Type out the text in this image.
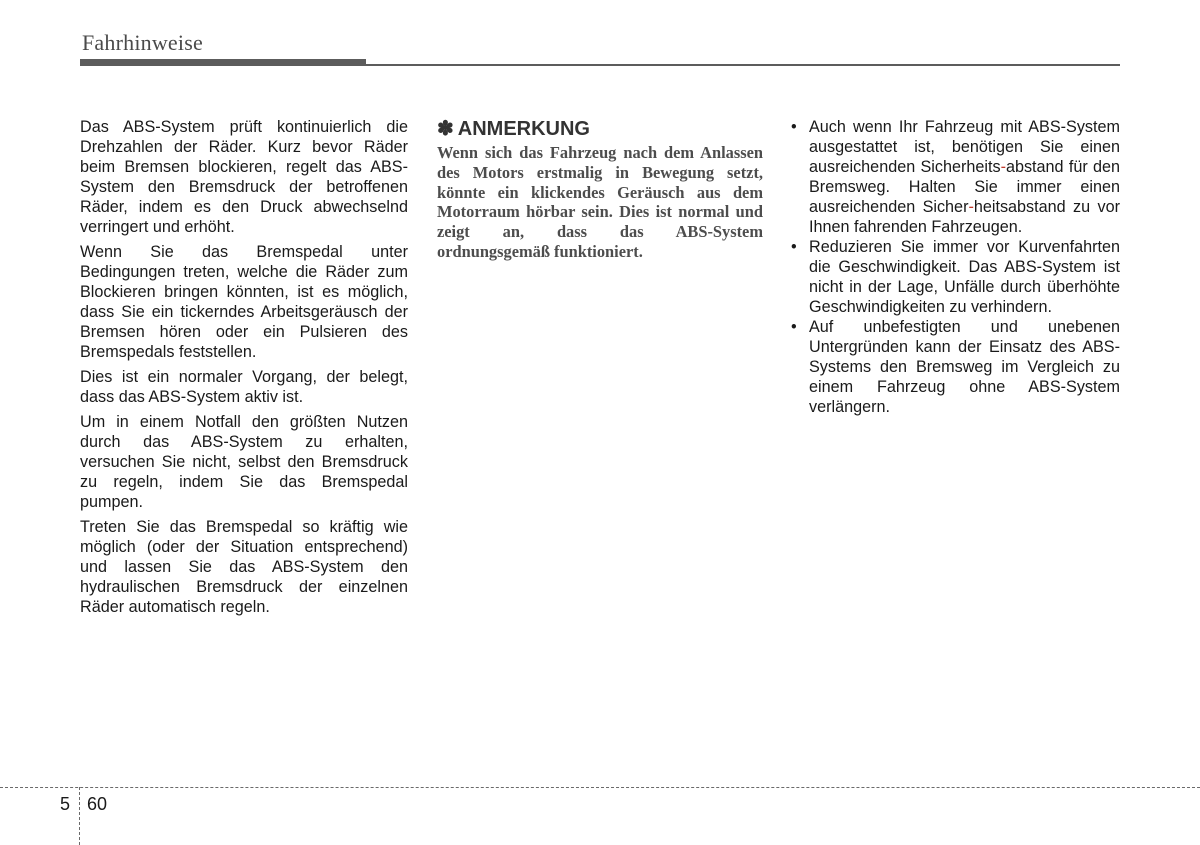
Fahrhinweise

Das ABS-System prüft kontinuierlich die Drehzahlen der Räder. Kurz bevor Räder beim Bremsen blockieren, regelt das ABS-System den Bremsdruck der betroffenen Räder, indem es den Druck abwechselnd verringert und erhöht.

Wenn Sie das Bremspedal unter Bedingungen treten, welche die Räder zum Blockieren bringen könnten, ist es möglich, dass Sie ein tickerndes Arbeitsgeräusch der Bremsen hören oder ein Pulsieren des Bremspedals feststellen.

Dies ist ein normaler Vorgang, der belegt, dass das ABS-System aktiv ist.

Um in einem Notfall den größten Nutzen durch das ABS-System zu erhalten, versuchen Sie nicht, selbst den Bremsdruck zu regeln, indem Sie das Bremspedal pumpen.

Treten Sie das Bremspedal so kräftig wie möglich (oder der Situation entsprechend) und lassen Sie das ABS-System den hydraulischen Bremsdruck der einzelnen Räder automatisch regeln.

✽ ANMERKUNG

Wenn sich das Fahrzeug nach dem Anlassen des Motors erstmalig in Bewegung setzt, könnte ein klickendes Geräusch aus dem Motorraum hörbar sein. Dies ist normal und zeigt an, dass das ABS-System ordnungsgemäß funktioniert.

• Auch wenn Ihr Fahrzeug mit ABS-System ausgestattet ist, benötigen Sie einen ausreichenden Sicherheits-abstand für den Bremsweg. Halten Sie immer einen ausreichenden Sicher-heitsabstand zu vor Ihnen fahrenden Fahrzeugen.
• Reduzieren Sie immer vor Kurvenfahrten die Geschwindigkeit. Das ABS-System ist nicht in der Lage, Unfälle durch überhöhte Geschwindigkeiten zu verhindern.
• Auf unbefestigten und unebenen Untergründen kann der Einsatz des ABS-Systems den Bremsweg im Vergleich zu einem Fahrzeug ohne ABS-System verlängern.
5 60
